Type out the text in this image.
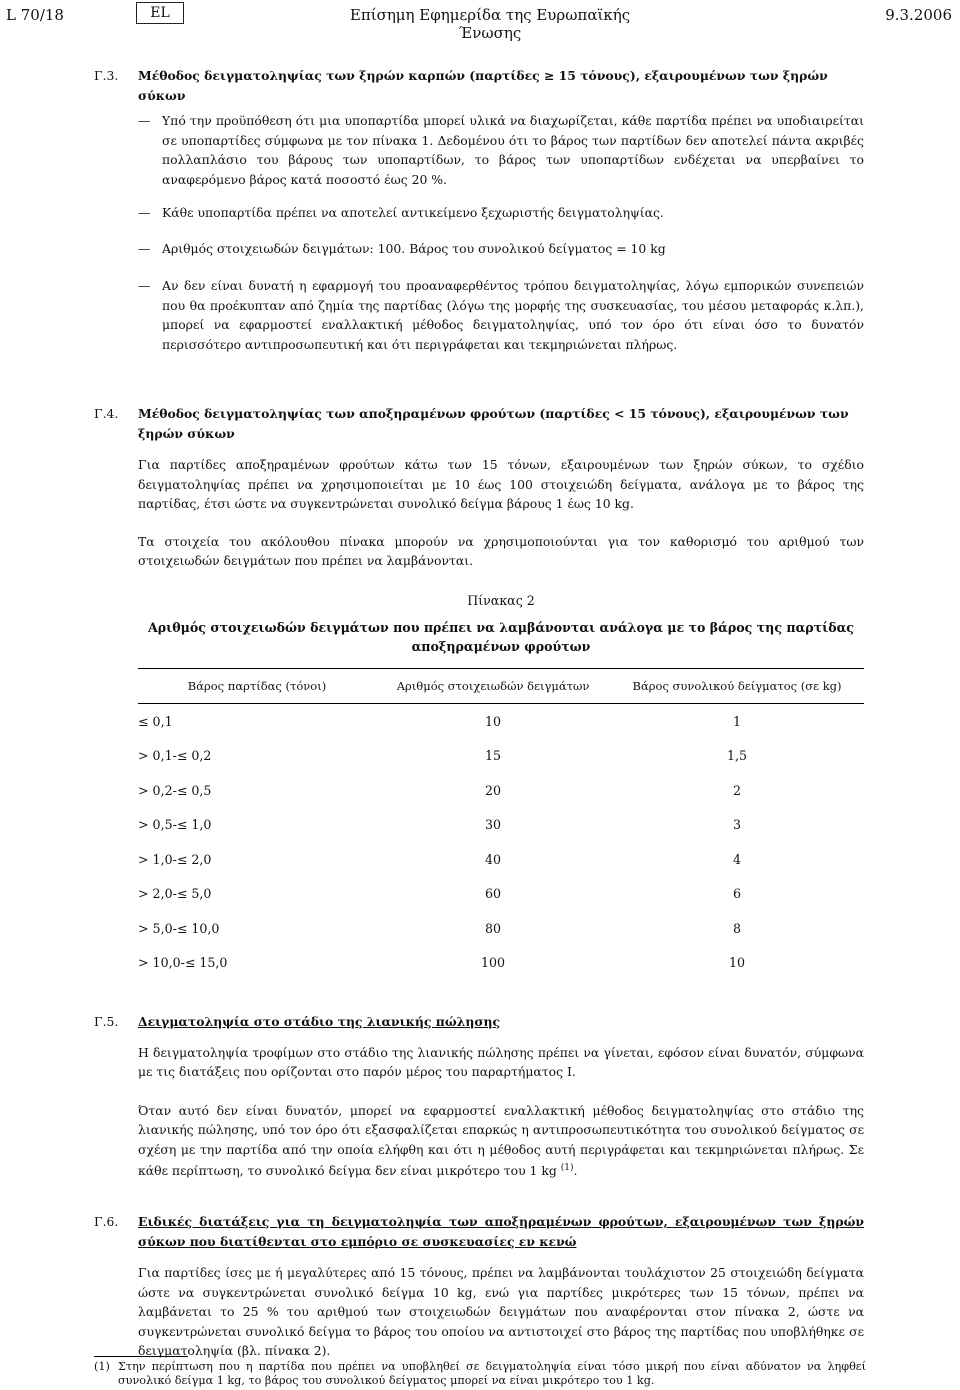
L 70/18	EL	Επίσημη Εφημερίδα της Ευρωπαϊκής Ένωσης
9.3.2006
Γ.3. Μέθοδος δειγματοληψίας των ξηρών καρπών (παρτίδες ≥ 15 τόνους), εξαιρουμένων των ξηρών σύκων
— Υπό την προϋπόθεση ότι μια υποπαρτίδα μπορεί υλικά να διαχωρίζεται, κάθε παρτίδα πρέπει να υποδιαιρείται σε υποπαρτίδες σύμφωνα με τον πίνακα 1. Δεδομένου ότι το βάρος των παρτίδων δεν αποτελεί πάντα ακριβές πολλαπλάσιο του βάρους των υποπαρτίδων, το βάρος των υποπαρτίδων ενδέχεται να υπερβαίνει το αναφερόμενο βάρος κατά ποσοστό έως 20 %.
— Κάθε υποπαρτίδα πρέπει να αποτελεί αντικείμενο ξεχωριστής δειγματοληψίας.
— Αριθμός στοιχειωδών δειγμάτων: 100. Βάρος του συνολικού δείγματος = 10 kg
— Αν δεν είναι δυνατή η εφαρμογή του προαναφερθέντος τρόπου δειγματοληψίας, λόγω εμπορικών συνεπειών που θα προέκυπταν από ζημία της παρτίδας (λόγω της μορφής της συσκευασίας, του μέσου μεταφοράς κ.λπ.), μπορεί να εφαρμοστεί εναλλακτική μέθοδος δειγματοληψίας, υπό τον όρο ότι είναι όσο το δυνατόν περισσότερο αντιπροσωπευτική και ότι περιγράφεται και τεκμηριώνεται πλήρως.
Γ.4. Μέθοδος δειγματοληψίας των αποξηραμένων φρούτων (παρτίδες < 15 τόνους), εξαιρουμένων των ξηρών σύκων

Για παρτίδες αποξηραμένων φρούτων κάτω των 15 τόνων, εξαιρουμένων των ξηρών σύκων, το σχέδιο δειγματοληψίας πρέπει να χρησιμοποιείται με 10 έως 100 στοιχειώδη δείγματα, ανάλογα με το βάρος της παρτίδας, έτσι ώστε να συγκεντρώνεται συνολικό δείγμα βάρους 1 έως 10 kg.

Τα στοιχεία του ακόλουθου πίνακα μπορούν να χρησιμοποιούνται για τον καθορισμό του αριθμού των στοιχειωδών δειγμάτων που πρέπει να λαμβάνονται.

Πίνακας 2
Αριθμός στοιχειωδών δειγμάτων που πρέπει να λαμβάνονται ανάλογα με το βάρος της παρτίδας αποξηραμένων φρούτων
Βάρος παρτίδας (τόνοι)	Αριθμός στοιχειωδών δειγμάτων	Βάρος συνολικού δείγματος (σε kg)
≤ 0,1	10	1
> 0,1-≤ 0,2	15	1,5
> 0,2-≤ 0,5	20	2
> 0,5-≤ 1,0	30	3
> 1,0-≤ 2,0	40	4
> 2,0-≤ 5,0	60	6
> 5,0-≤ 10,0	80	8
> 10,0-≤ 15,0	100	10
Γ.5. Δειγματοληψία στο στάδιο της λιανικής πώλησης

Η δειγματοληψία τροφίμων στο στάδιο της λιανικής πώλησης πρέπει να γίνεται, εφόσον είναι δυνατόν, σύμφωνα με τις διατάξεις που ορίζονται στο παρόν μέρος του παραρτήματος Ι.

Όταν αυτό δεν είναι δυνατόν, μπορεί να εφαρμοστεί εναλλακτική μέθοδος δειγματοληψίας στο στάδιο της λιανικής πώλησης, υπό τον όρο ότι εξασφαλίζεται επαρκώς η αντιπροσωπευτικότητα του συνολικού δείγματος σε σχέση με την παρτίδα από την οποία ελήφθη και ότι η μέθοδος αυτή περιγράφεται και τεκμηριώνεται πλήρως. Σε κάθε περίπτωση, το συνολικό δείγμα δεν είναι μικρότερο του 1 kg $^{(1)}$.

Γ.6. Ειδικές διατάξεις για τη δειγματοληψία των αποξηραμένων φρούτων, εξαιρουμένων των ξηρών σύκων που διατίθενται στο εμπόριο σε συσκευασίες εν κενώ

Για παρτίδες ίσες με ή μεγαλύτερες από 15 τόνους, πρέπει να λαμβάνονται τουλάχιστον 25 στοιχειώδη δείγματα ώστε να συγκεντρώνεται συνολικό δείγμα 10 kg, ενώ για παρτίδες μικρότερες των 15 τόνων, πρέπει να λαμβάνεται το 25 % του αριθμού των στοιχειωδών δειγμάτων που αναφέρονται στον πίνακα 2, ώστε να συγκεντρώνεται συνολικό δείγμα το βάρος του οποίου να αντιστοιχεί στο βάρος της παρτίδας που υποβλήθηκε σε δειγματοληψία (βλ. πίνακα 2).

(1) Στην περίπτωση που η παρτίδα που πρέπει να υποβληθεί σε δειγματοληψία είναι τόσο μικρή που είναι αδύνατον να ληφθεί συνολικό δείγμα 1 kg, το βάρος του συνολικού δείγματος μπορεί να είναι μικρότερο του 1 kg.
